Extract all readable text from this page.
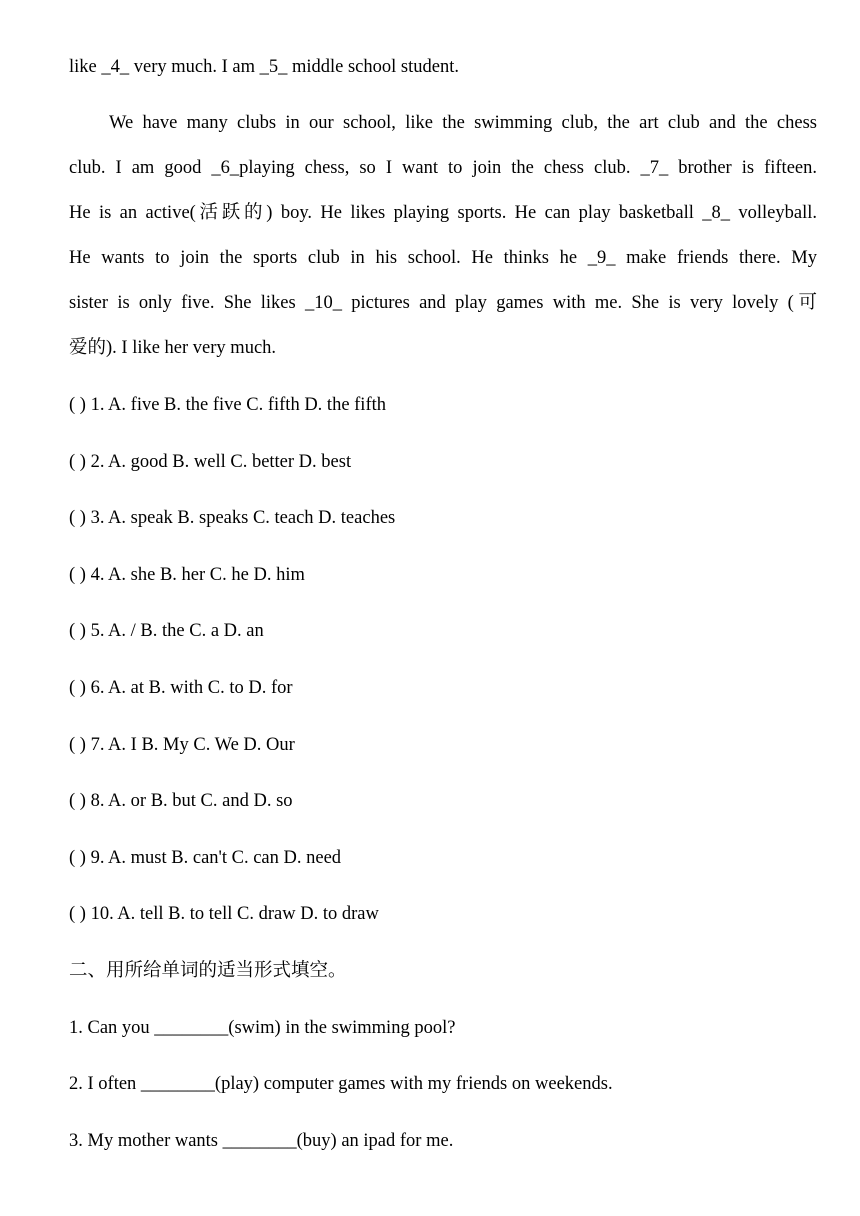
like _4_ very much. I am _5_ middle school student.
We have many clubs in our school, like the swimming club, the art club and the chess
club. I am good _6_playing chess, so I want to join the chess club. _7_ brother is fifteen.
He is an active(活跃的) boy. He likes playing sports. He can play basketball _8_ volleyball.
He wants to join the sports club in his school. He thinks he _9_ make friends there. My
sister is only five. She likes _10_ pictures and play games with me. She is very lovely (可
爱的). I like her very much.
( ) 1. A. five B. the five C. fifth D. the fifth
( ) 2. A. good B. well C. better D. best
( ) 3. A. speak B. speaks C. teach D. teaches
( ) 4. A. she B. her C. he D. him
( ) 5. A. / B. the C. a D. an
( ) 6. A. at B. with C. to D. for
( ) 7. A. I B. My C. We D. Our
( ) 8. A. or B. but C. and D. so
( ) 9. A. must B. can't C. can D. need
( ) 10. A. tell B. to tell C. draw D. to draw
二、用所给单词的适当形式填空。
1. Can you ________(swim) in the swimming pool?
2. I often ________(play) computer games with my friends on weekends.
3. My mother wants ________(buy) an ipad for me.
